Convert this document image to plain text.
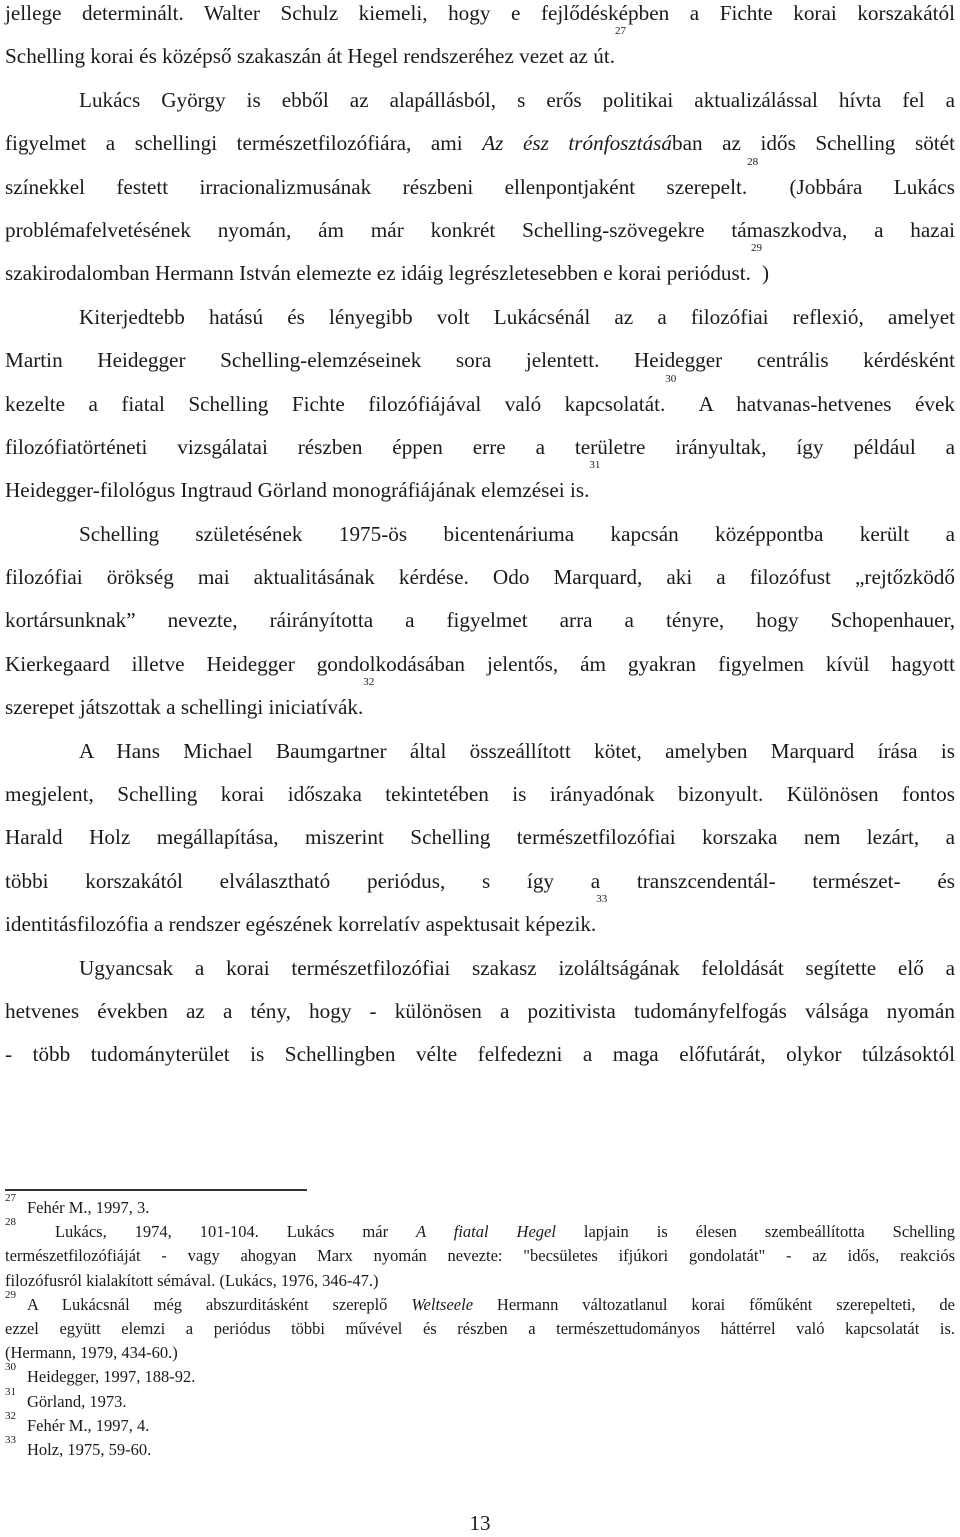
jellege determinált. Walter Schulz kiemeli, hogy e fejlődésképben a Fichte korai korszakától
Schelling korai és középső szakaszán át Hegel rendszeréhez vezet az út.$^{27}$
Lukács György is ebből az alapállásból, s erős politikai aktualizálással hívta fel a
figyelmet a schellingi természetfilozófiára, ami Az ész trónfosztásában az idős Schelling sötét
színekkel festett irracionalizmusának részbeni ellenpontjaként szerepelt.$^{28}$ (Jobbára Lukács
problémafelvetésének nyomán, ám már konkrét Schelling-szövegekre támaszkodva, a hazai
szakirodalomban Hermann István elemezte ez idáig legrészletesebben e korai periódust.$^{29}$)
Kiterjedtebb hatású és lényegibb volt Lukácsénál az a filozófiai reflexió, amelyet
Martin Heidegger Schelling-elemzéseinek sora jelentett. Heidegger centrális kérdésként
kezelte a fiatal Schelling Fichte filozófiájával való kapcsolatát.$^{30}$ A hatvanas-hetvenes évek
filozófiatörténeti vizsgálatai részben éppen erre a területre irányultak, így például a
Heidegger-filológus Ingtraud Görland monográfiájának elemzései is.$^{31}$
Schelling születésének 1975-ös bicentenáriuma kapcsán középpontba került a
filozófiai örökség mai aktualitásának kérdése. Odo Marquard, aki a filozófust „rejtőzködő
kortársunknak” nevezte, ráirányította a figyelmet arra a tényre, hogy Schopenhauer,
Kierkegaard illetve Heidegger gondolkodásában jelentős, ám gyakran figyelmen kívül hagyott
szerepet játszottak a schellingi iniciatívák.$^{32}$
A Hans Michael Baumgartner által összeállított kötet, amelyben Marquard írása is
megjelent, Schelling korai időszaka tekintetében is irányadónak bizonyult. Különösen fontos
Harald Holz megállapítása, miszerint Schelling természetfilozófiai korszaka nem lezárt, a
többi korszakától elválasztható periódus, s így a transzcendentál- természet- és
identitásfilozófia a rendszer egészének korrelatív aspektusait képezik.$^{33}$
Ugyancsak a korai természetfilozófiai szakasz izoláltságának feloldását segítette elő a
hetvenes években az a tény, hogy - különösen a pozitivista tudományfelfogás válsága nyomán
- több tudományterület is Schellingben vélte felfedezni a maga előfutárát, olykor túlzásoktól
27 Fehér M., 1997, 3.
28 Lukács, 1974, 101-104. Lukács már A fiatal Hegel lapjain is élesen szembeállította Schelling
természetfilozófiáját - vagy ahogyan Marx nyomán nevezte: "becsületes ifjúkori gondolatát" - az idős, reakciós
filozófusról kialakított sémával. (Lukács, 1976, 346-47.)
29 A Lukácsnál még abszurditásként szereplő Weltseele Hermann változatlanul korai főműként szerepelteti, de
ezzel együtt elemzi a periódus többi művével és részben a természettudományos háttérrel való kapcsolatát is.
(Hermann, 1979, 434-60.)
30 Heidegger, 1997, 188-92.
31 Görland, 1973.
32 Fehér M., 1997, 4.
33 Holz, 1975, 59-60.
13
